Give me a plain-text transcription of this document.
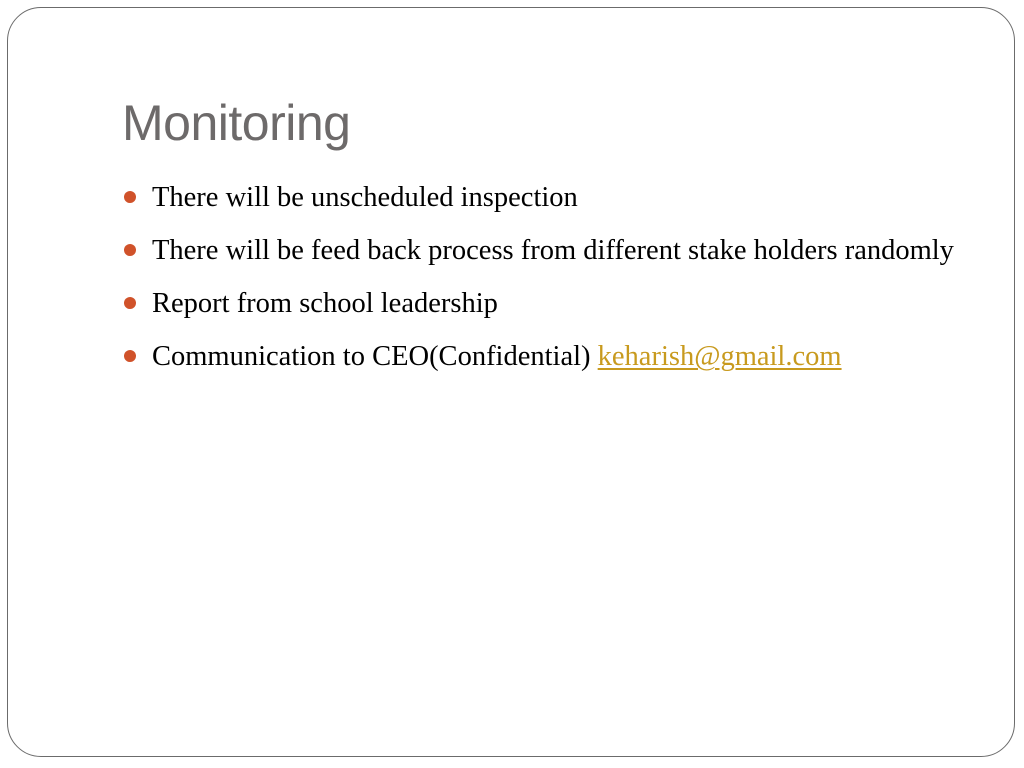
Monitoring
There will be unscheduled inspection
There will be feed back process from different stake holders randomly
Report from school leadership
Communication to CEO(Confidential) keharish@gmail.com
